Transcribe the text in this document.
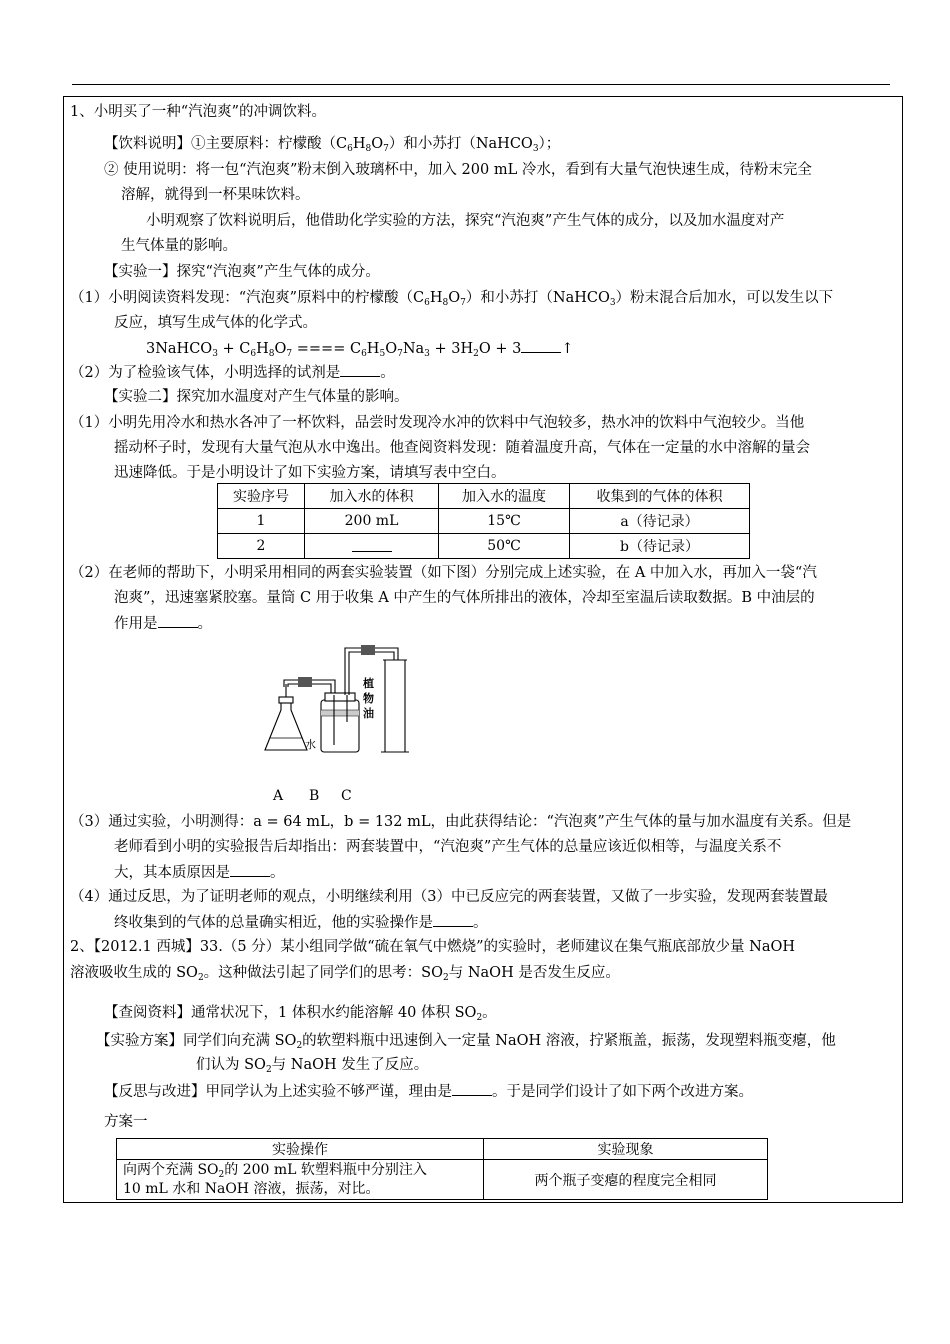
1、小明买了一种“汽泡爽”的冲调饮料。
【饮料说明】①主要原料：柠檬酸$(C_6H_8O_7)$和小苏打（NaHCO$_3$）；
② 使用说明：将一包“汽泡爽”粉末倒入玻璃杯中，加入 200 mL 冷水，看到有大量气泡快速生成，待粉末完全
溶解，就得到一杯果味饮料。
小明观察了饮料说明后，他借助化学实验的方法，探究“汽泡爽”产生气体的成分，以及加水温度对产
生气体量的影响。
【实验一】探究“汽泡爽”产生气体的成分。
（1）小明阅读资料发现：“汽泡爽”原料中的柠檬酸$(C_6H_8O_7)$和小苏打（NaHCO$_3$）粉末混合后加水，可以发生以下
反应，填写生成气体的化学式。
3NaHCO$_3$ + $C_6H_8O_7$ ==== $C_6H_5O_7Na_3 + 3H_2O + 3$	↑
（2）为了检验该气体，小明选择的试剂是	。
【实验二】探究加水温度对产生气体量的影响。
（1）小明先用冷水和热水各冲了一杯饮料，品尝时发现冷水冲的饮料中气泡较多，热水冲的饮料中气泡较少。当他
摇动杯子时，发现有大量气泡从水中逸出。他查阅资料发现：随着温度升高，气体在一定量的水中溶解的量会
迅速降低。于是小明设计了如下实验方案，请填写表中空白。
实验序号	加入水的体积	加入水的温度	收集到的气体的体积
1	200 mL	15℃	a（待记录）
2		50℃	b（待记录）
（2）在老师的帮助下，小明采用相同的两套实验装置（如下图）分别完成上述实验，在 A 中加入水，再加入一袋“汽
泡爽”，迅速塞紧胶塞。量筒 C 用于收集 A 中产生的气体所排出的液体，冷却至室温后读取数据。B 中油层的
作用是	。
水
植
物
油
A B C
（3）通过实验，小明测得：a = 64 mL，b = 132 mL，由此获得结论：“汽泡爽”产生气体的量与加水温度有关系。但是
老师看到小明的实验报告后却指出：两套装置中，“汽泡爽”产生气体的总量应该近似相等，与温度关系不
大，其本质原因是	。
（4）通过反思，为了证明老师的观点，小明继续利用（3）中已反应完的两套装置，又做了一步实验，发现两套装置最
终收集到的气体的总量确实相近，他的实验操作是	。
2、【2012.1 西城】33.（5 分）某小组同学做“硫在氧气中燃烧”的实验时，老师建议在集气瓶底部放少量 NaOH
溶液吸收生成的 $SO_2$。这种做法引起了同学们的思考：$SO_2$与 NaOH 是否发生反应。
【查阅资料】通常状况下，1 体积水约能溶解 40 体积 $SO_2$。
【实验方案】同学们向充满 $SO_2$的软塑料瓶中迅速倒入一定量 NaOH 溶液，拧紧瓶盖，振荡，发现塑料瓶变瘪，他
们认为 $SO_2$与 NaOH 发生了反应。
【反思与改进】甲同学认为上述实验不够严谨，理由是	。于是同学们设计了如下两个改进方案。
方案一
实验操作	实验现象
向两个充满 $SO_2$的 200 mL 软塑料瓶中分别注入
10 mL 水和 NaOH 溶液，振荡，对比。	两个瓶子变瘪的程度完全相同
